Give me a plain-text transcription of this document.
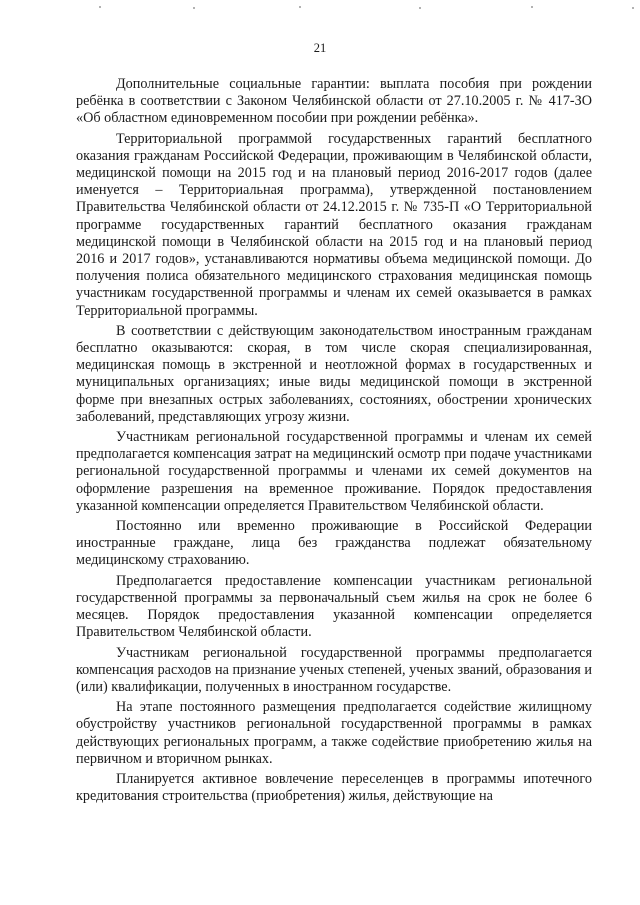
21

Дополнительные социальные гарантии: выплата пособия при рождении ребёнка в соответствии с Законом Челябинской области от 27.10.2005 г. № 417-ЗО «Об областном единовременном пособии при рождении ребёнка».

Территориальной программой государственных гарантий бесплатного оказания гражданам Российской Федерации, проживающим в Челябинской области, медицинской помощи на 2015 год и на плановый период 2016-2017 годов (далее именуется – Территориальная программа), утвержденной постановлением Правительства Челябинской области от 24.12.2015 г. № 735-П «О Территориальной программе государственных гарантий бесплатного оказания гражданам медицинской помощи в Челябинской области на 2015 год и на плановый период 2016 и 2017 годов», устанавливаются нормативы объема медицинской помощи. До получения полиса обязательного медицинского страхования медицинская помощь участникам государственной программы и членам их семей оказывается в рамках Территориальной программы.

В соответствии с действующим законодательством иностранным гражданам бесплатно оказываются: скорая, в том числе скорая специализированная, медицинская помощь в экстренной и неотложной формах в государственных и муниципальных организациях; иные виды медицинской помощи в экстренной форме при внезапных острых заболеваниях, состояниях, обострении хронических заболеваний, представляющих угрозу жизни.

Участникам региональной государственной программы и членам их семей предполагается компенсация затрат на медицинский осмотр при подаче участниками региональной государственной программы и членами их семей документов на оформление разрешения на временное проживание. Порядок предоставления указанной компенсации определяется Правительством Челябинской области.

Постоянно или временно проживающие в Российской Федерации иностранные граждане, лица без гражданства подлежат обязательному медицинскому страхованию.

Предполагается предоставление компенсации участникам региональной государственной программы за первоначальный съем жилья на срок не более 6 месяцев. Порядок предоставления указанной компенсации определяется Правительством Челябинской области.

Участникам региональной государственной программы предполагается компенсация расходов на признание ученых степеней, ученых званий, образования и (или) квалификации, полученных в иностранном государстве.

На этапе постоянного размещения предполагается содействие жилищному обустройству участников региональной государственной программы в рамках действующих региональных программ, а также содействие приобретению жилья на первичном и вторичном рынках.

Планируется активное вовлечение переселенцев в программы ипотечного кредитования строительства (приобретения) жилья, действующие на
